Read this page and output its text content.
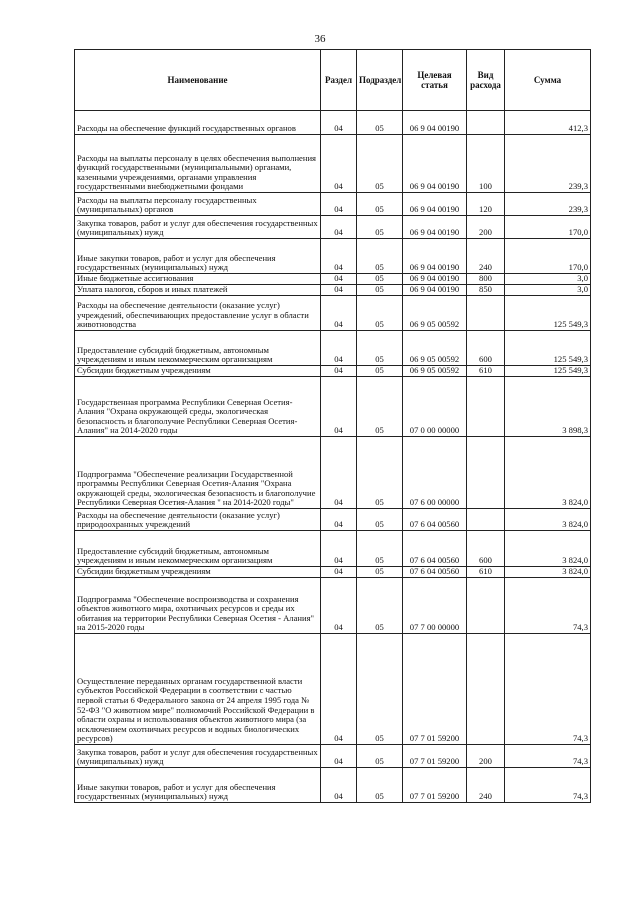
36
Наименование	Раздел	Подраздел	Целевая статья	Вид расхода	Сумма
Расходы на обеспечение функций государственных органов	04	05	06 9 04 00190		412,3
Расходы на выплаты персоналу в целях обеспечения выполнения функций государственными (муниципальными) органами, казенными учреждениями, органами управления государственными внебюджетными фондами	04	05	06 9 04 00190	100	239,3
Расходы на выплаты персоналу государственных (муниципальных) органов	04	05	06 9 04 00190	120	239,3
Закупка товаров, работ и услуг для обеспечения государственных (муниципальных) нужд	04	05	06 9 04 00190	200	170,0
Иные закупки товаров, работ и услуг для обеспечения государственных (муниципальных) нужд	04	05	06 9 04 00190	240	170,0
Иные бюджетные ассигнования	04	05	06 9 04 00190	800	3,0
Уплата налогов, сборов и иных платежей	04	05	06 9 04 00190	850	3,0
Расходы на обеспечение деятельности (оказание услуг) учреждений, обеспечивающих предоставление услуг в области животноводства	04	05	06 9 05 00592		125 549,3
Предоставление субсидий бюджетным, автономным учреждениям и иным некоммерческим организациям	04	05	06 9 05 00592	600	125 549,3
Субсидии бюджетным учреждениям	04	05	06 9 05 00592	610	125 549,3
Государственная программа Республики Северная Осетия-Алания "Охрана окружающей среды, экологическая безопасность и благополучие Республики Северная Осетия-Алания" на 2014-2020 годы	04	05	07 0 00 00000		3 898,3
Подпрограмма "Обеспечение реализации Государственной программы Республики Северная Осетия-Алания "Охрана окружающей среды, экологическая безопасность и благополучие Республики Северная Осетия-Алания " на 2014-2020 годы"	04	05	07 6 00 00000		3 824,0
Расходы на обеспечение деятельности (оказание услуг) природоохранных учреждений	04	05	07 6 04 00560		3 824,0
Предоставление субсидий бюджетным, автономным учреждениям и иным некоммерческим организациям	04	05	07 6 04 00560	600	3 824,0
Субсидии бюджетным учреждениям	04	05	07 6 04 00560	610	3 824,0
Подпрограмма "Обеспечение воспроизводства и сохранения объектов животного мира, охотничьих ресурсов и среды их обитания на территории Республики Северная Осетия - Алания" на 2015-2020 годы	04	05	07 7 00 00000		74,3
Осуществление переданных органам государственной власти субъектов Российской Федерации в соответствии с частью первой статьи 6 Федерального закона от 24 апреля 1995 года № 52-ФЗ "О животном мире" полномочий Российской Федерации в области охраны и использования объектов животного мира (за исключением охотничьих ресурсов и водных биологических ресурсов)	04	05	07 7 01 59200		74,3
Закупка товаров, работ и услуг для обеспечения государственных (муниципальных) нужд	04	05	07 7 01 59200	200	74,3
Иные закупки товаров, работ и услуг для обеспечения государственных (муниципальных) нужд	04	05	07 7 01 59200	240	74,3
